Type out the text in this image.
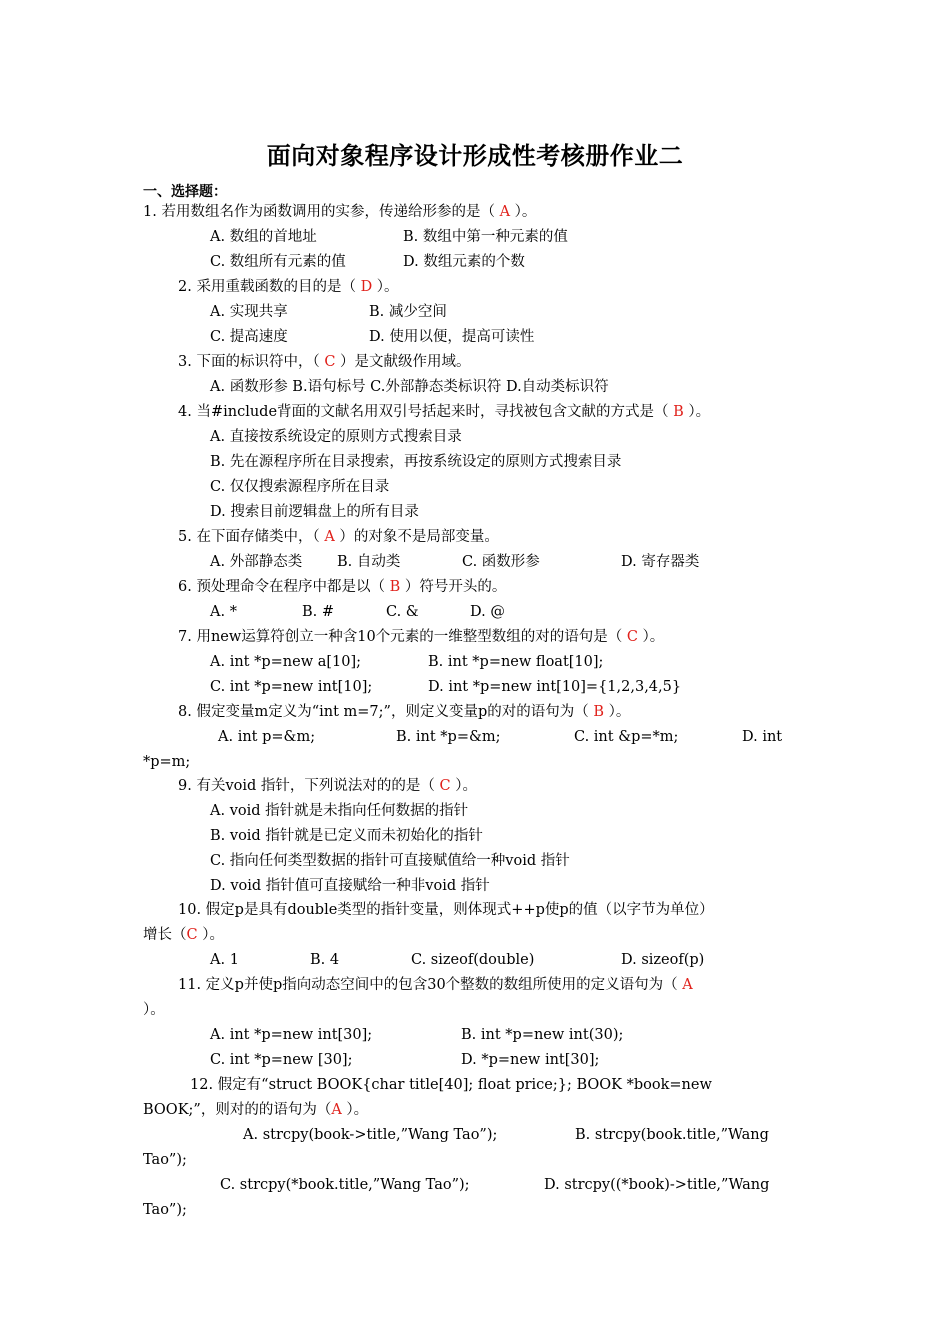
面向对象程序设计形成性考核册作业二
一、选择题：
1. 若用数组名作为函数调用的实参，传递给形参的是（ A ）。
A. 数组的首地址	B. 数组中第一种元素的值
C. 数组所有元素的值	D. 数组元素的个数
2. 采用重载函数的目的是（ D ）。
A. 实现共享	B. 减少空间
C. 提高速度	D. 使用以便，提高可读性
3. 下面的标识符中，（ C ）是文献级作用域。
A. 函数形参 B.语句标号 C.外部静态类标识符 D.自动类标识符
4. 当#include背面的文献名用双引号括起来时，寻找被包含文献的方式是（ B ）。
A. 直接按系统设定的原则方式搜索目录
B. 先在源程序所在目录搜索，再按系统设定的原则方式搜索目录
C. 仅仅搜索源程序所在目录
D. 搜索目前逻辑盘上的所有目录
5. 在下面存储类中，（ A ）的对象不是局部变量。
A. 外部静态类 B. 自动类	C. 函数形参	D. 寄存器类
6. 预处理命令在程序中都是以（ B ）符号开头的。
A. *	B. #	C. &	D. @
7. 用new运算符创立一种含10个元素的一维整型数组的对的语句是（ C ）。
A. int *p=new a[10];	B. int *p=new float[10];
C. int *p=new int[10];	D. int *p=new int[10]={1,2,3,4,5}
8. 假定变量m定义为“int m=7;”，则定义变量p的对的语句为（ B ）。
A. int p=&m;	B. int *p=&m;	C. int &p=*m;	D. int
*p=m;
9. 有关void 指针，下列说法对的的是（ C ）。
A. void 指针就是未指向任何数据的指针
B. void 指针就是已定义而未初始化的指针
C. 指向任何类型数据的指针可直接赋值给一种void 指针
D. void 指针值可直接赋给一种非void 指针
10. 假定p是具有double类型的指针变量，则体现式++p使p的值（以字节为单位）
增长（C ）。
A. 1	B. 4	C. sizeof(double)	D. sizeof(p)
11. 定义p并使p指向动态空间中的包含30个整数的数组所使用的定义语句为（ A
）。
A. int *p=new int[30];	B. int *p=new int(30);
C. int *p=new [30];	D. *p=new int[30];
12. 假定有“struct BOOK{char title[40]; float price;}; BOOK *book=new
BOOK;”，则对的的语句为（A ）。
A. strcpy(book->title,”Wang Tao”);	B. strcpy(book.title,”Wang
Tao”);
C. strcpy(*book.title,”Wang Tao”);	D. strcpy((*book)->title,”Wang
Tao”);
